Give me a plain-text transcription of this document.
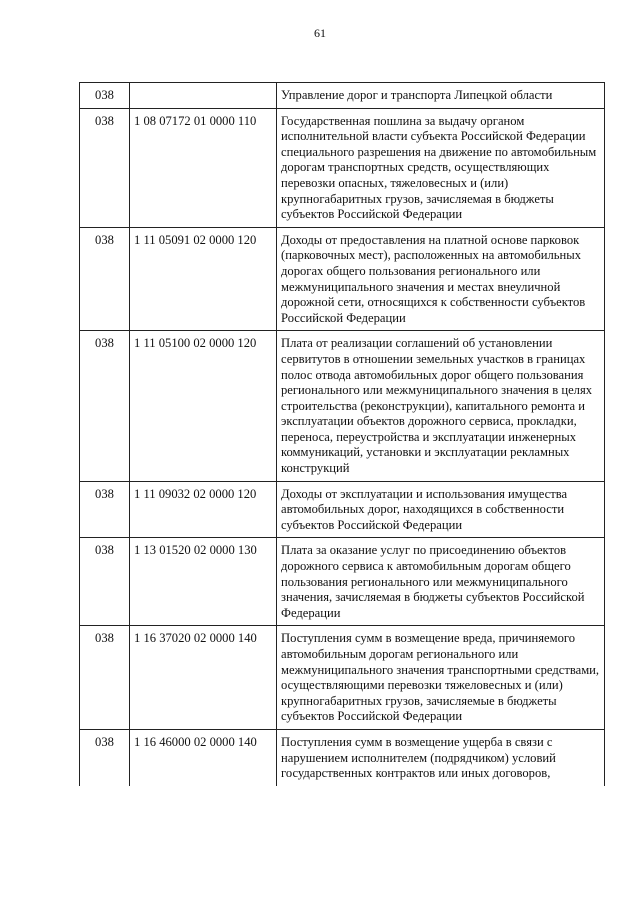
61
038		Управление дорог и транспорта Липецкой области
038	1 08 07172 01 0000 110	Государственная пошлина за выдачу органом исполнительной власти субъекта Российской Федерации специального разрешения на движение по автомобильным дорогам транспортных средств, осуществляющих перевозки опасных, тяжеловесных и (или) крупногабаритных грузов, зачисляемая в бюджеты субъектов Российской Федерации
038	1 11 05091 02 0000 120	Доходы от предоставления на платной основе парковок (парковочных мест), расположенных на автомобильных дорогах общего пользования регионального или межмуниципального значения и местах внеуличной дорожной сети, относящихся к собственности субъектов Российской Федерации
038	1 11 05100 02 0000 120	Плата от реализации соглашений об установлении сервитутов в отношении земельных участков в границах полос отвода автомобильных дорог общего пользования регионального или межмуниципального значения в целях строительства (реконструкции), капитального ремонта и эксплуатации объектов дорожного сервиса, прокладки, переноса, переустройства и эксплуатации инженерных коммуникаций, установки и эксплуатации рекламных конструкций
038	1 11 09032 02 0000 120	Доходы от эксплуатации и использования имущества автомобильных дорог, находящихся в собственности субъектов Российской Федерации
038	1 13 01520 02 0000 130	Плата за оказание услуг по присоединению объектов дорожного сервиса к автомобильным дорогам общего пользования регионального или межмуниципального значения, зачисляемая в бюджеты субъектов Российской Федерации
038	1 16 37020 02 0000 140	Поступления сумм в возмещение вреда, причиняемого автомобильным дорогам регионального или межмуниципального значения транспортными средствами, осуществляющими перевозки тяжеловесных и (или) крупногабаритных грузов, зачисляемые в бюджеты субъектов Российской Федерации
038	1 16 46000 02 0000 140	Поступления сумм в возмещение ущерба в связи с нарушением исполнителем (подрядчиком) условий государственных контрактов или иных договоров,
